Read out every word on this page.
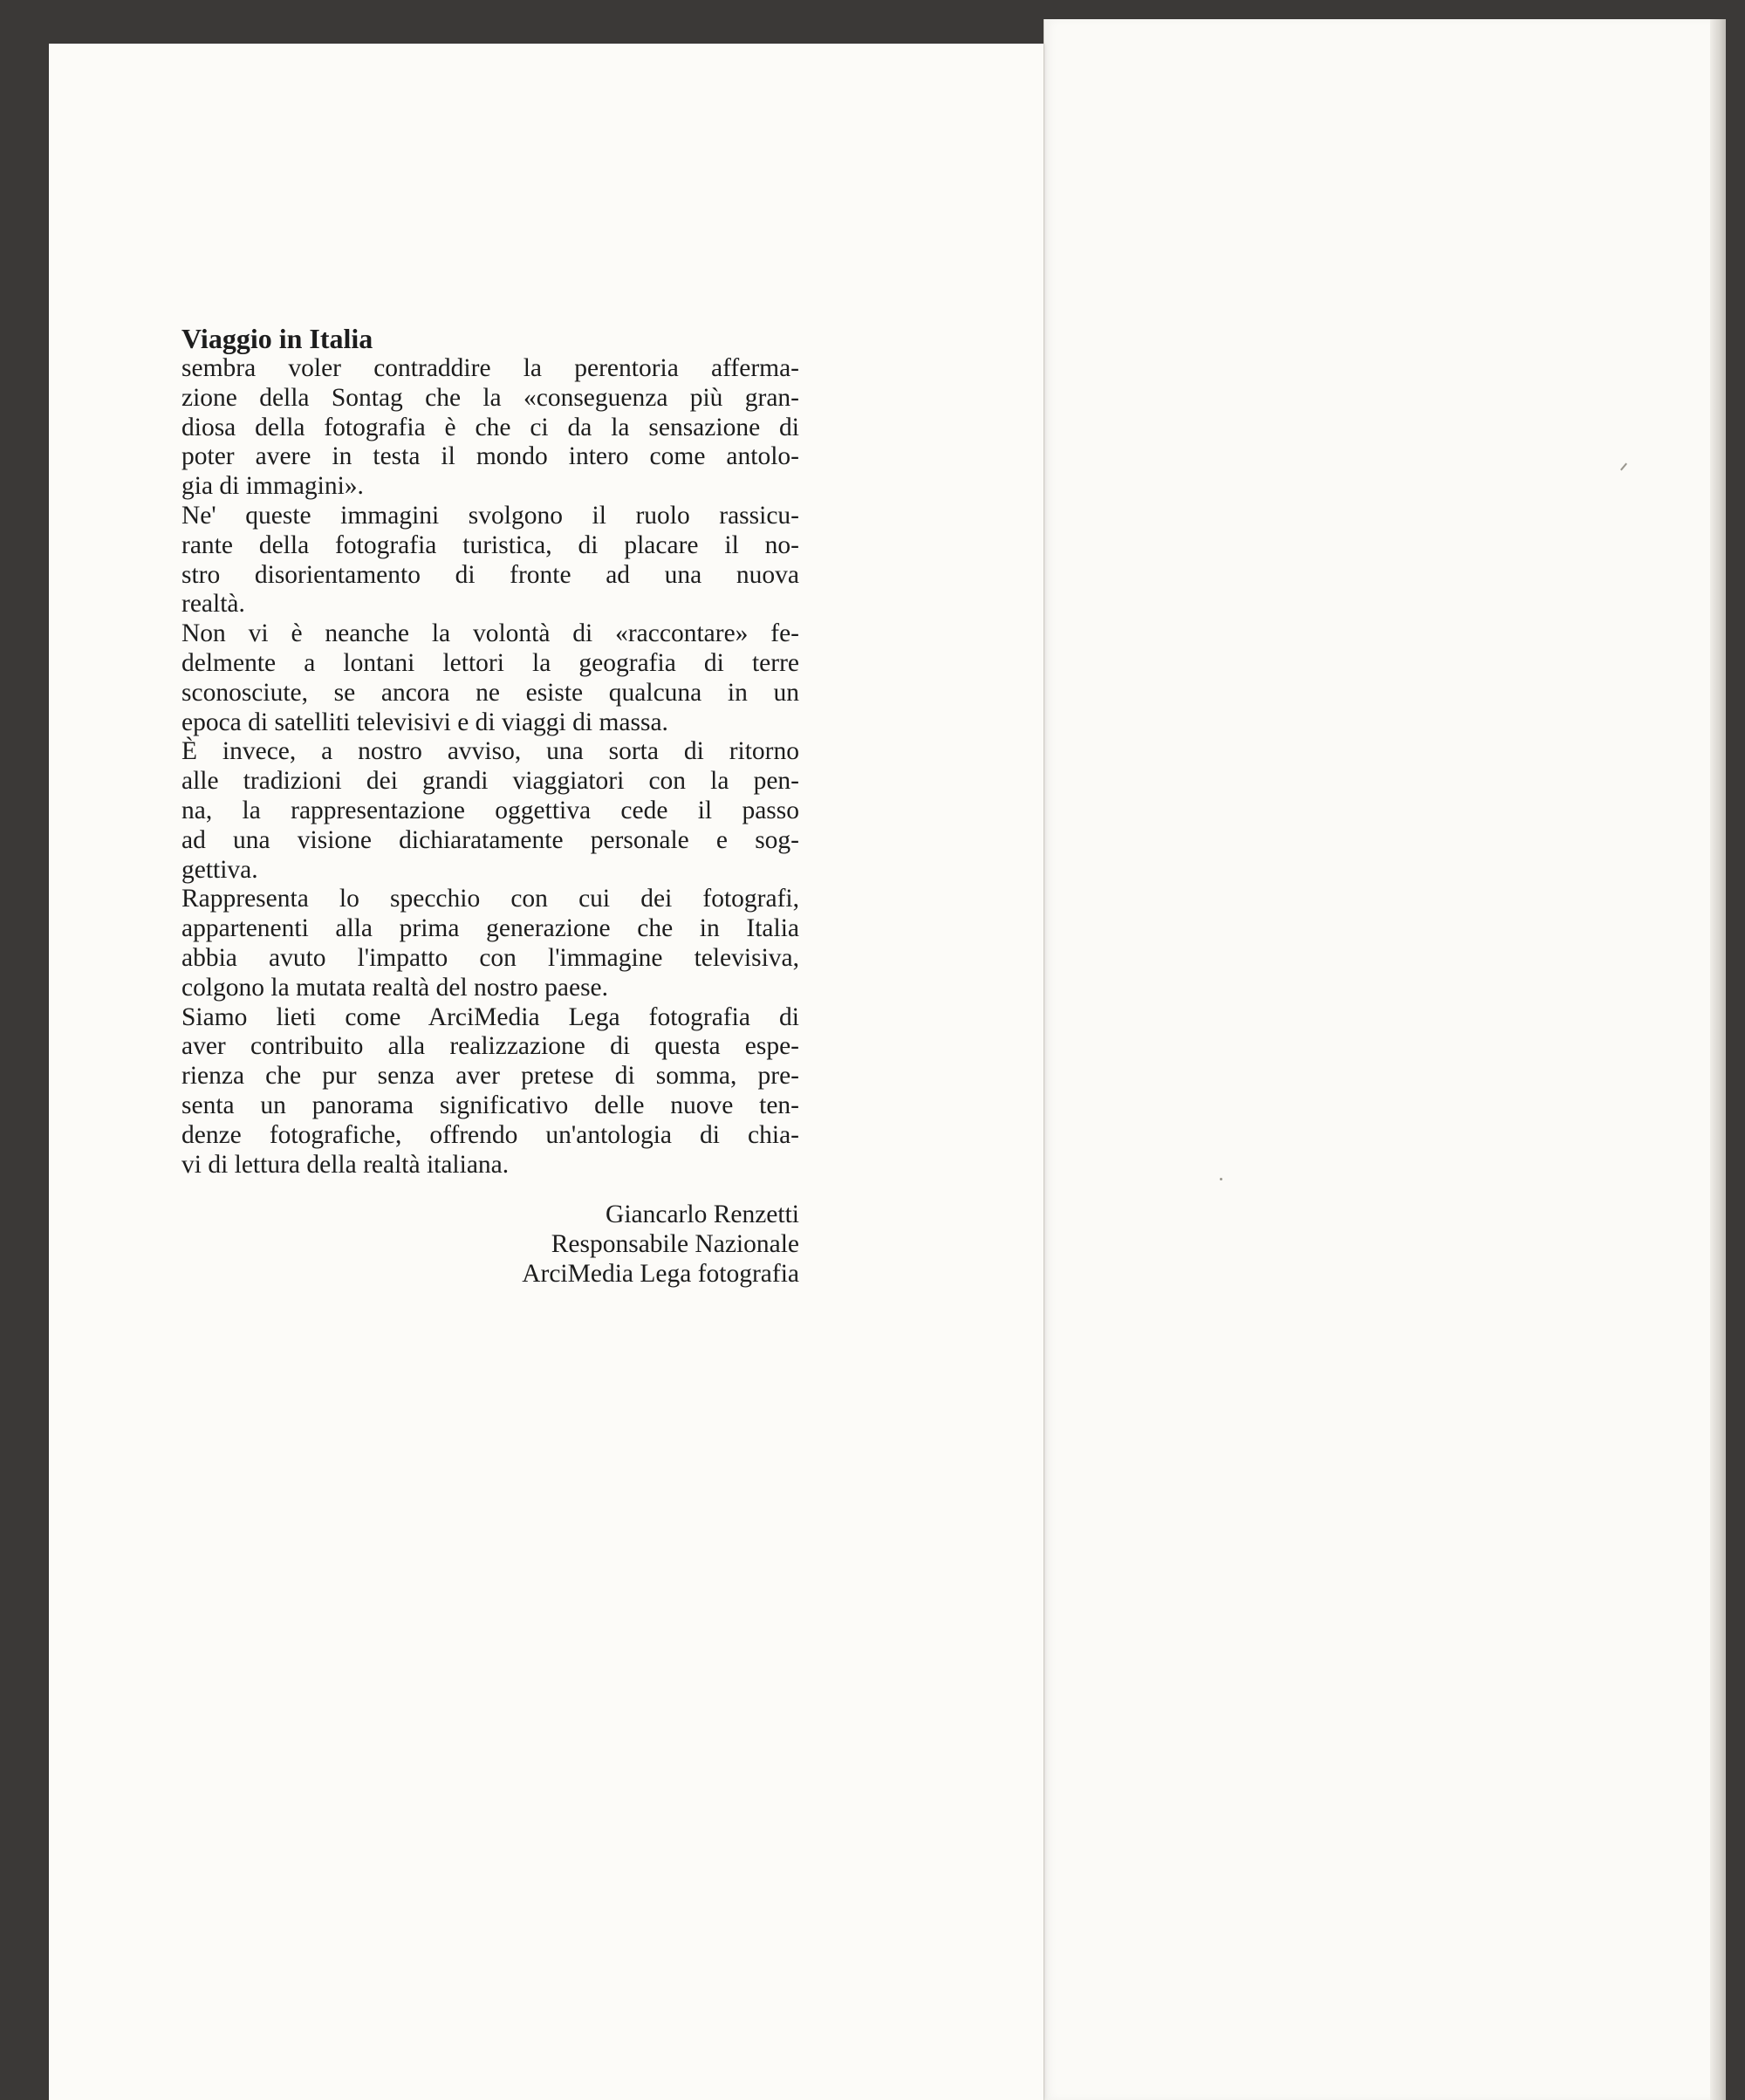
Viaggio in Italia
sembra voler contraddire la perentoria afferma-
zione della Sontag che la «conseguenza più gran-
diosa della fotografia è che ci da la sensazione di
poter avere in testa il mondo intero come antolo-
gia di immagini».
Ne' queste immagini svolgono il ruolo rassicu-
rante della fotografia turistica, di placare il no-
stro disorientamento di fronte ad una nuova
realtà.
Non vi è neanche la volontà di «raccontare» fe-
delmente a lontani lettori la geografia di terre
sconosciute, se ancora ne esiste qualcuna in un
epoca di satelliti televisivi e di viaggi di massa.
È invece, a nostro avviso, una sorta di ritorno
alle tradizioni dei grandi viaggiatori con la pen-
na, la rappresentazione oggettiva cede il passo
ad una visione dichiaratamente personale e sog-
gettiva.
Rappresenta lo specchio con cui dei fotografi,
appartenenti alla prima generazione che in Italia
abbia avuto l'impatto con l'immagine televisiva,
colgono la mutata realtà del nostro paese.
Siamo lieti come ArciMedia Lega fotografia di
aver contribuito alla realizzazione di questa espe-
rienza che pur senza aver pretese di somma, pre-
senta un panorama significativo delle nuove ten-
denze fotografiche, offrendo un'antologia di chia-
vi di lettura della realtà italiana.
Giancarlo Renzetti
Responsabile Nazionale
ArciMedia Lega fotografia
